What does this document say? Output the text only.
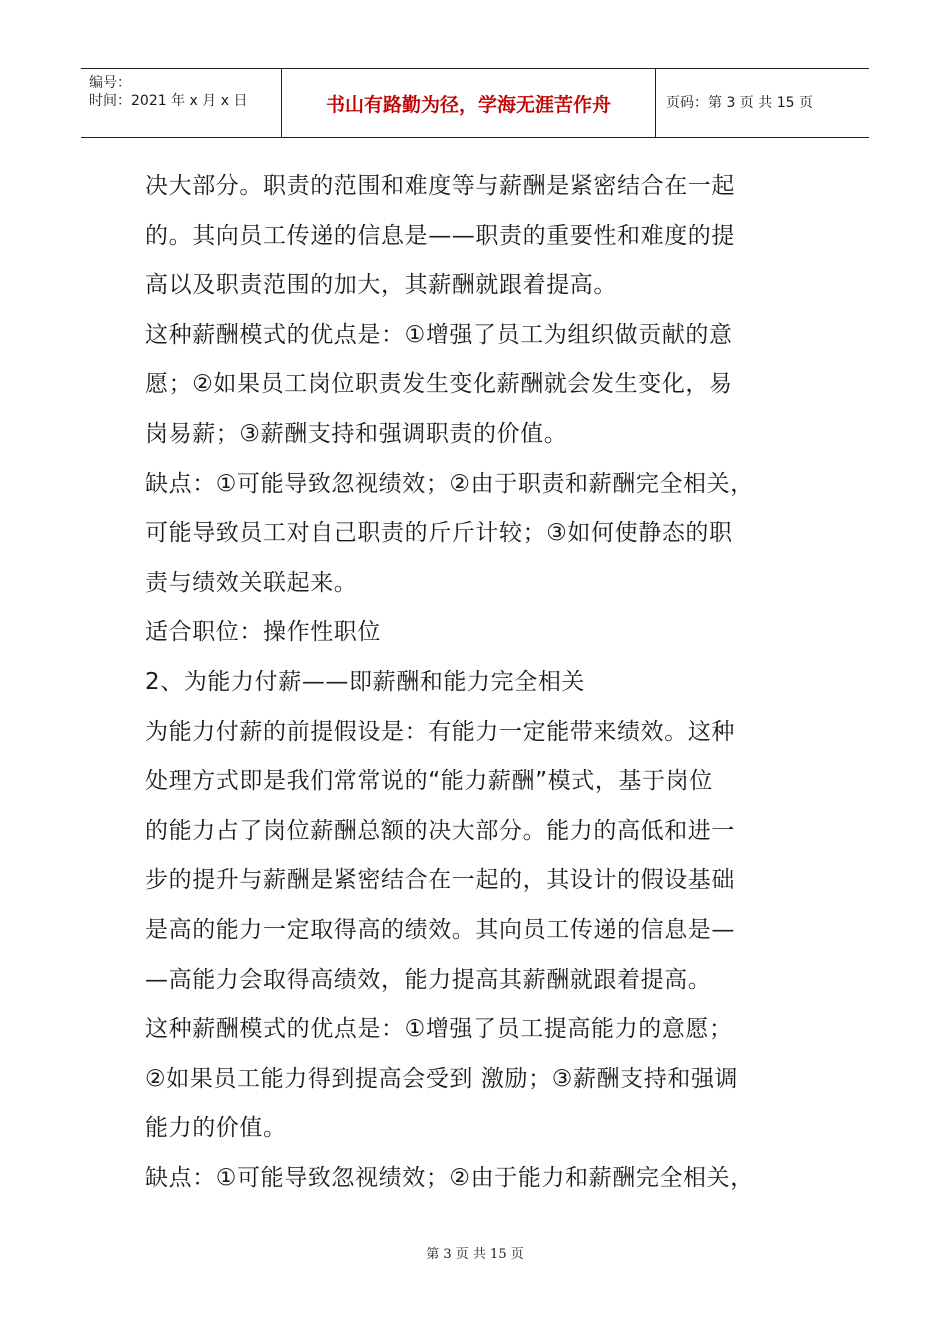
编号：
时间：2021 年 x 月 x 日	书山有路勤为径，学海无涯苦作舟	页码：第 3 页 共 15 页

决大部分。职责的范围和难度等与薪酬是紧密结合在一起

的。其向员工传递的信息是——职责的重要性和难度的提

高以及职责范围的加大，其薪酬就跟着提高。

这种薪酬模式的优点是：①增强了员工为组织做贡献的意

愿；②如果员工岗位职责发生变化薪酬就会发生变化，易

岗易薪；③薪酬支持和强调职责的价值。

缺点：①可能导致忽视绩效；②由于职责和薪酬完全相关，

可能导致员工对自己职责的斤斤计较；③如何使静态的职

责与绩效关联起来。

适合职位：操作性职位

2、为能力付薪——即薪酬和能力完全相关

为能力付薪的前提假设是：有能力一定能带来绩效。这种

处理方式即是我们常常说的“能力薪酬”模式，基于岗位

的能力占了岗位薪酬总额的决大部分。能力的高低和进一

步的提升与薪酬是紧密结合在一起的，其设计的假设基础

是高的能力一定取得高的绩效。其向员工传递的信息是—

—高能力会取得高绩效，能力提高其薪酬就跟着提高。

这种薪酬模式的优点是：①增强了员工提高能力的意愿；

②如果员工能力得到提高会受到 激励；③薪酬支持和强调

能力的价值。

缺点：①可能导致忽视绩效；②由于能力和薪酬完全相关，

第 3 页 共 15 页
